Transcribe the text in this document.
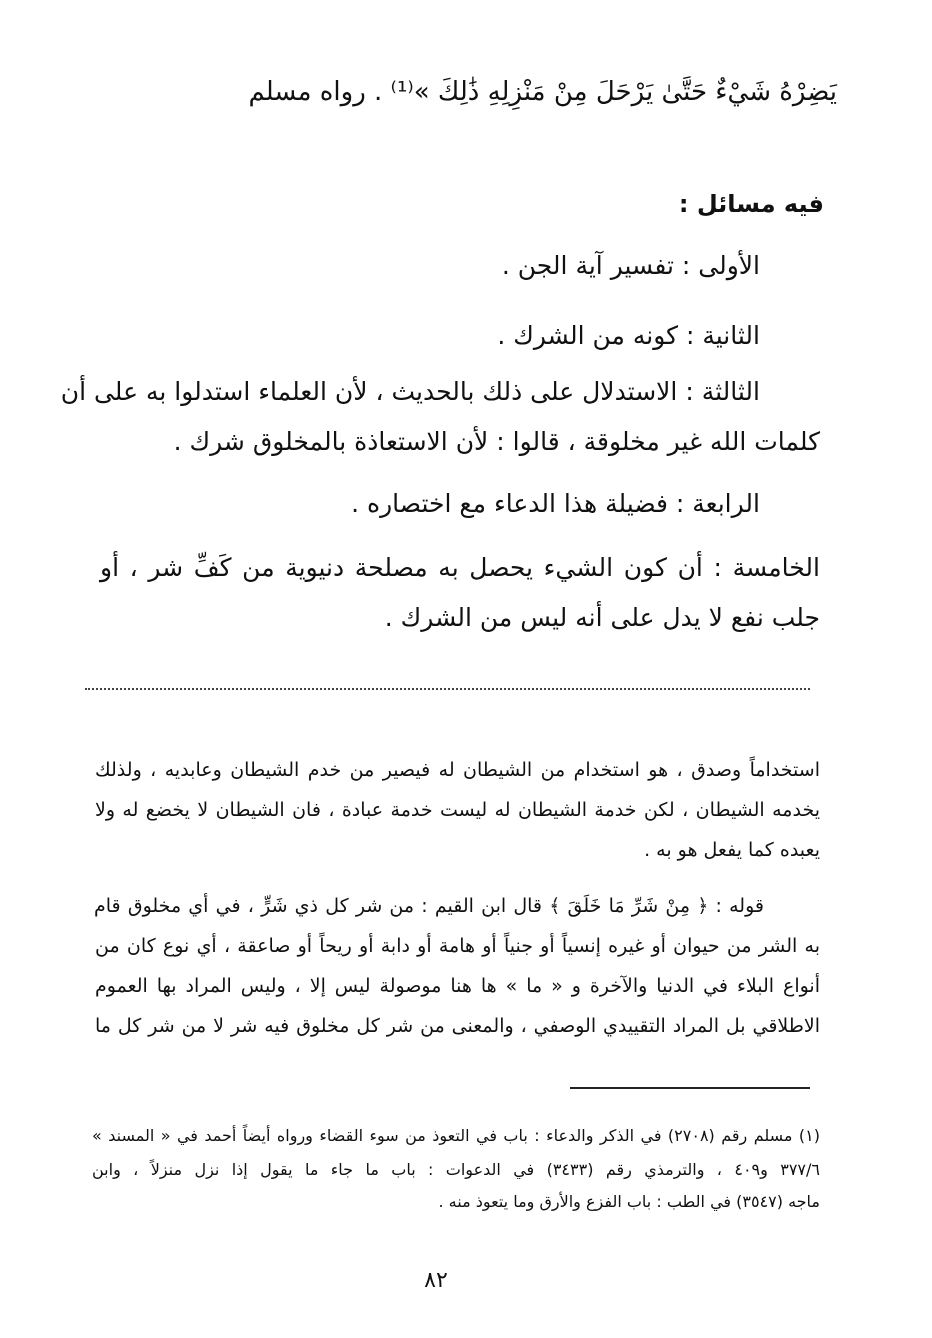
يَضِرْهُ شَيْءٌ حَتَّىٰ يَرْحَلَ مِنْ مَنْزِلِهِ ذَٰلِكَ »⁽¹⁾ . رواه مسلم
فيه مسائل :
الأولى : تفسير آية الجن .
الثانية : كونه من الشرك .
الثالثة : الاستدلال على ذلك بالحديث ، لأن العلماء استدلوا به على أن
كلمات الله غير مخلوقة ، قالوا : لأن الاستعاذة بالمخلوق شرك .
الرابعة : فضيلة هذا الدعاء مع اختصاره .
الخامسة : أن كون الشيء يحصل به مصلحة دنيوية من كَفِّ شر ، أو
جلب نفع لا يدل على أنه ليس من الشرك .
استخداماً وصدق ، هو استخدام من الشيطان له فيصير من خدم الشيطان وعابديه ، ولذلك
يخدمه الشيطان ، لكن خدمة الشيطان له ليست خدمة عبادة ، فان الشيطان لا يخضع له ولا
يعبده كما يفعل هو به .
قوله : ﴿ مِنْ شَرِّ مَا خَلَقَ ﴾ قال ابن القيم : من شر كل ذي شَرٍّ ، في أي مخلوق قام
به الشر من حيوان أو غيره إنسياً أو جنياً أو هامة أو دابة أو ريحاً أو صاعقة ، أي نوع كان من
أنواع البلاء في الدنيا والآخرة و « ما » ها هنا موصولة ليس إلا ، وليس المراد بها العموم
الاطلاقي بل المراد التقييدي الوصفي ، والمعنى من شر كل مخلوق فيه شر لا من شر كل ما
(١) مسلم رقم (٢٧٠٨) في الذكر والدعاء : باب في التعوذ من سوء القضاء ورواه أيضاً أحمد في « المسند »
٣٧٧/٦ و٤٠٩ ، والترمذي رقم (٣٤٣٣) في الدعوات : باب ما جاء ما يقول إذا نزل منزلاً ، وابن
ماجه (٣٥٤٧) في الطب : باب الفزع والأرق وما يتعوذ منه .
٨٢
